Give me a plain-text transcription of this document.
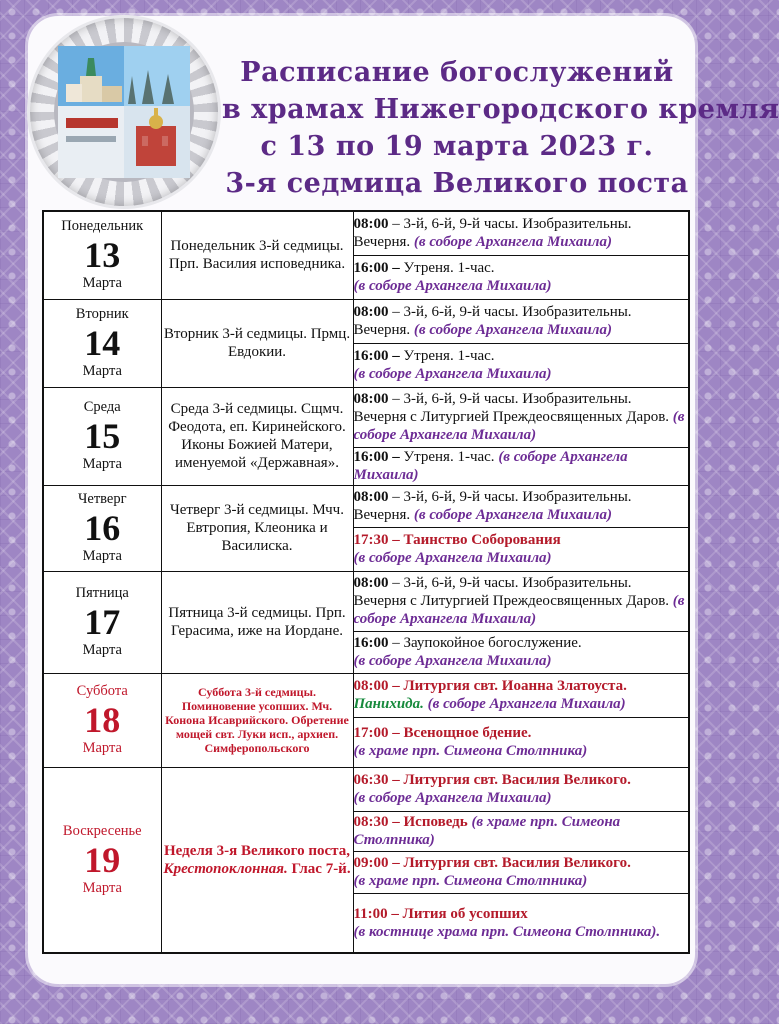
Расписание богослужений
в храмах Нижегородского кремля
с 13 по 19 марта 2023 г.
3-я седмица Великого поста
Понедельник
13
Марта	Понедельник 3-й седмицы. Прп. Василия исповедника.	08:00 – 3-й, 6-й, 9-й часы. Изобразительны. Вечерня. (в соборе Архангела Михаила)
		16:00 – Утреня. 1-час.
(в соборе Архангела Михаила)

Вторник
14
Марта	Вторник 3-й седмицы. Прмц. Евдокии.	08:00 – 3-й, 6-й, 9-й часы. Изобразительны. Вечерня. (в соборе Архангела Михаила)
		16:00 – Утреня. 1-час.
(в соборе Архангела Михаила)

Среда
15
Марта	Среда 3-й седмицы. Сщмч. Феодота, еп. Киринейского. Иконы Божией Матери, именуемой «Державная».	08:00 – 3-й, 6-й, 9-й часы. Изобразительны. Вечерня с Литургией Преждеосвященных Даров. (в соборе Архангела Михаила)
		16:00 – Утреня. 1-час. (в соборе Архангела Михаила)

Четверг
16
Марта	Четверг 3-й седмицы. Мчч. Евтропия, Клеоника и Василиска.	08:00 – 3-й, 6-й, 9-й часы. Изобразительны. Вечерня. (в соборе Архангела Михаила)
		17:30 – Таинство Соборования
(в соборе Архангела Михаила)

Пятница
17
Марта	Пятница 3-й седмицы. Прп. Герасима, иже на Иордане.	08:00 – 3-й, 6-й, 9-й часы. Изобразительны. Вечерня с Литургией Преждеосвященных Даров. (в соборе Архангела Михаила)
		16:00 – Заупокойное богослужение.
(в соборе Архангела Михаила)

Суббота
18
Марта	Суббота 3-й седмицы. Поминовение усопших. Мч. Конона Исаврийского. Обретение мощей свт. Луки исп., архиеп. Симферопольского	08:00 – Литургия свт. Иоанна Златоуста.
Панихида. (в соборе Архангела Михаила)
		17:00 – Всенощное бдение.
(в храме прп. Симеона Столпника)

Воскресенье
19
Марта	Неделя 3-я Великого поста, Крестопоклонная. Глас 7-й.	06:30 – Литургия свт. Василия Великого.
(в соборе Архангела Михаила)
		08:30 – Исповедь (в храме прп. Симеона Столпника)
		09:00 – Литургия свт. Василия Великого.
(в храме прп. Симеона Столпника)
		11:00 – Лития об усопших
(в костнице храма прп. Симеона Столпника).
